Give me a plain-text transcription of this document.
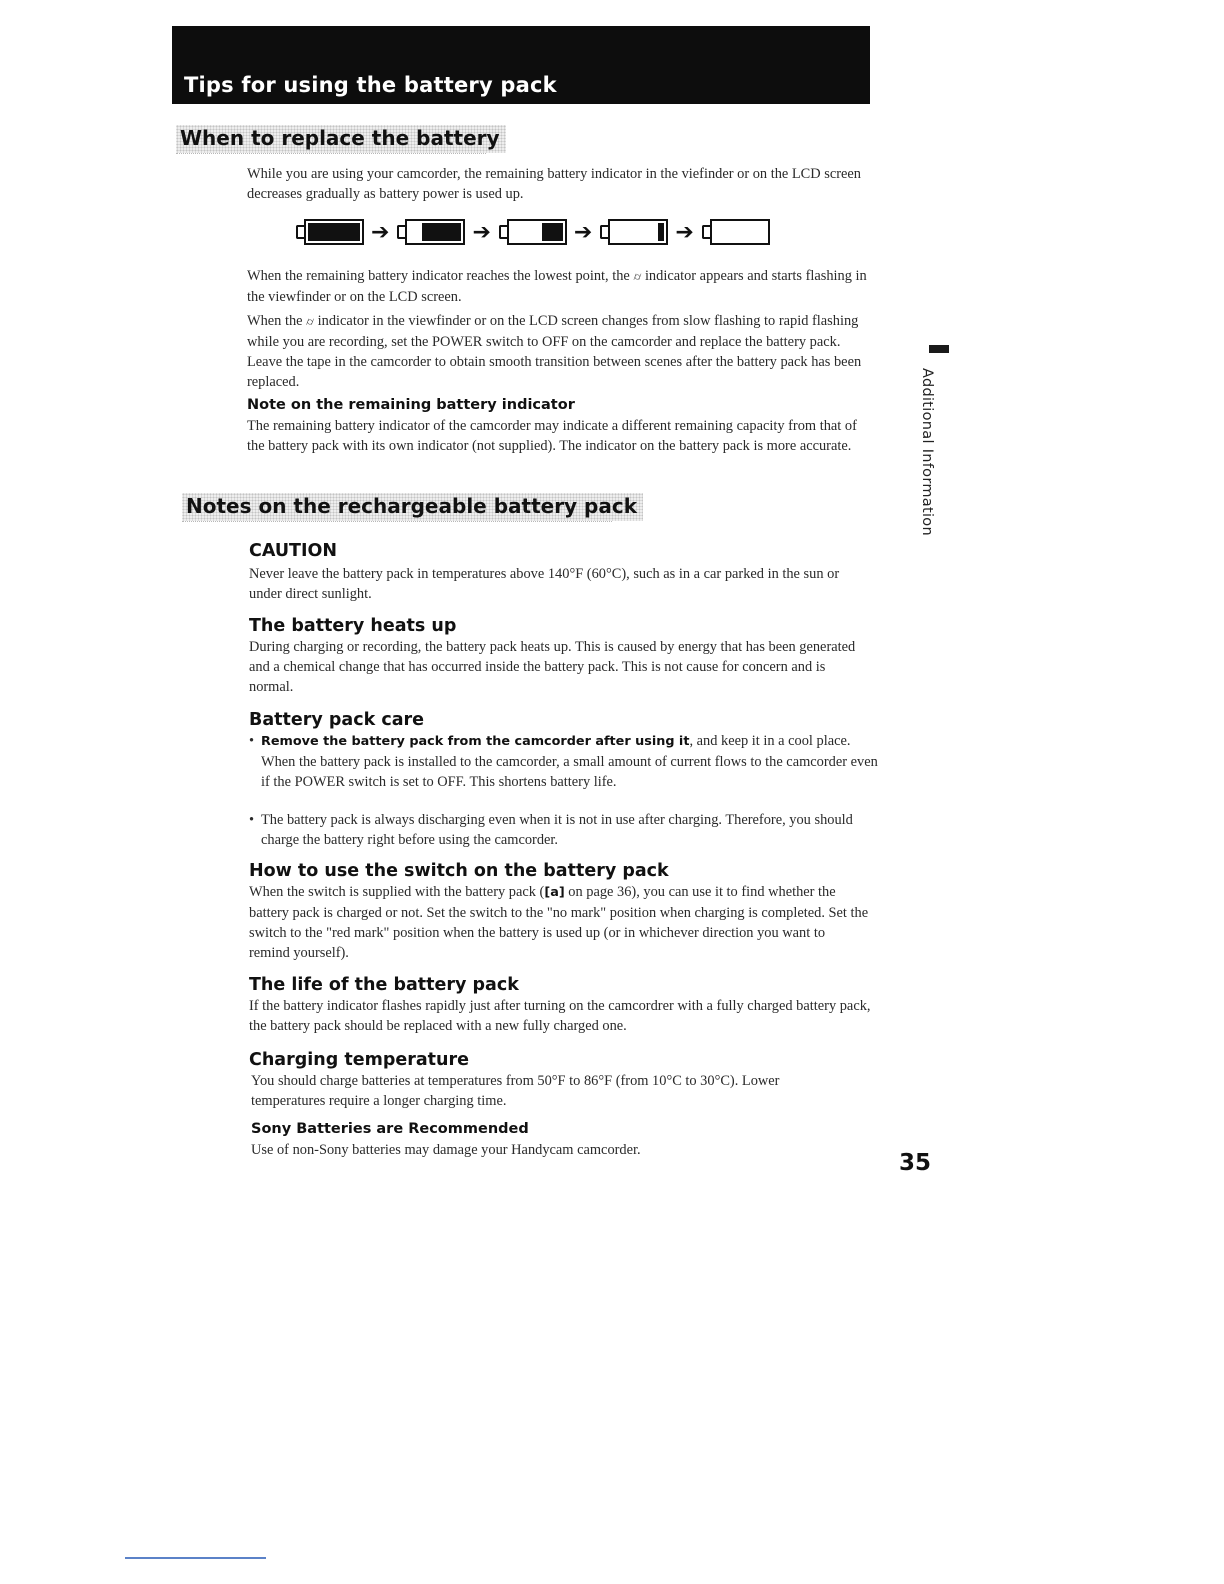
Tips for using the battery pack
When to replace the battery

While you are using your camcorder, the remaining battery indicator in the viefinder or on the LCD screen decreases gradually as battery power is used up.

➔	➔	➔	➔

When the remaining battery indicator reaches the lowest point, the ⌭ indicator appears and starts flashing in the viewfinder or on the LCD screen.

When the ⌭ indicator in the viewfinder or on the LCD screen changes from slow flashing to rapid flashing while you are recording, set the POWER switch to OFF on the camcorder and replace the battery pack. Leave the tape in the camcorder to obtain smooth transition between scenes after the battery pack has been replaced.

Note on the remaining battery indicator

The remaining battery indicator of the camcorder may indicate a different remaining capacity from that of the battery pack with its own indicator (not supplied). The indicator on the battery pack is more accurate.

Notes on the rechargeable battery pack

CAUTION

Never leave the battery pack in temperatures above 140°F (60°C), such as in a car parked in the sun or under direct sunlight.

The battery heats up

During charging or recording, the battery pack heats up. This is caused by energy that has been generated and a chemical change that has occurred inside the battery pack. This is not cause for concern and is normal.

Battery pack care

• Remove the battery pack from the camcorder after using it, and keep it in a cool place. When the battery pack is installed to the camcorder, a small amount of current flows to the camcorder even if the POWER switch is set to OFF. This shortens battery life.

• The battery pack is always discharging even when it is not in use after charging. Therefore, you should charge the battery right before using the camcorder.

How to use the switch on the battery pack

When the switch is supplied with the battery pack ([a] on page 36), you can use it to find whether the battery pack is charged or not. Set the switch to the "no mark" position when charging is completed. Set the switch to the "red mark" position when the battery is used up (or in whichever direction you want to remind yourself).

The life of the battery pack

If the battery indicator flashes rapidly just after turning on the camcordrer with a fully charged battery pack, the battery pack should be replaced with a new fully charged one.

Charging temperature

You should charge batteries at temperatures from 50°F to 86°F (from 10°C to 30°C). Lower temperatures require a longer charging time.

Sony Batteries are Recommended

Use of non-Sony batteries may damage your Handycam camcorder.

Additional Information
35
